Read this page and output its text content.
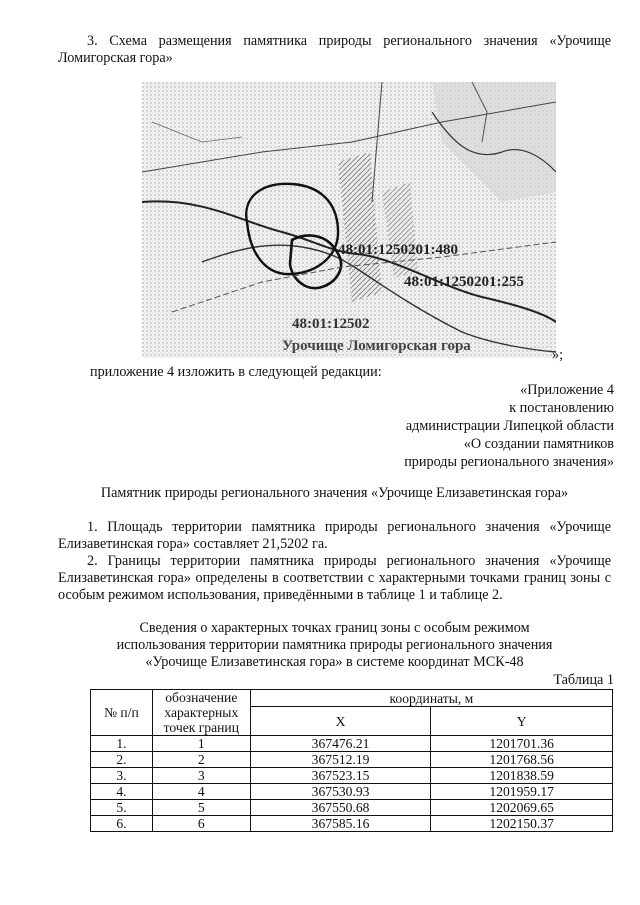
3. Схема размещения памятника природы регионального значения «Урочище Ломигорская гора»

48:01:1250201:480
48:01:1250201:255
48:01:12502
Урочище Ломигорская гора
»;

приложение 4 изложить в следующей редакции:

«Приложение 4
к постановлению
администрации Липецкой области
«О создании памятников
природы регионального значения»

Памятник природы регионального значения «Урочище Елизаветинская гора»

1. Площадь территории памятника природы регионального значения «Урочище Елизаветинская гора» составляет 21,5202 га.

2. Границы территории памятника природы регионального значения «Урочище Елизаветинская гора» определены в соответствии с характерными точками границ зоны с особым режимом использования, приведёнными в таблице 1 и таблице 2.

Сведения о характерных точках границ зоны с особым режимом
использования территории памятника природы регионального значения
«Урочище Елизаветинская гора» в системе координат МСК-48
Таблица 1
№ п/п	обозначение характерных точек границ	координаты, м	
		X	Y
1.	1	367476.21	1201701.36
2.	2	367512.19	1201768.56
3.	3	367523.15	1201838.59
4.	4	367530.93	1201959.17
5.	5	367550.68	1202069.65
6.	6	367585.16	1202150.37
